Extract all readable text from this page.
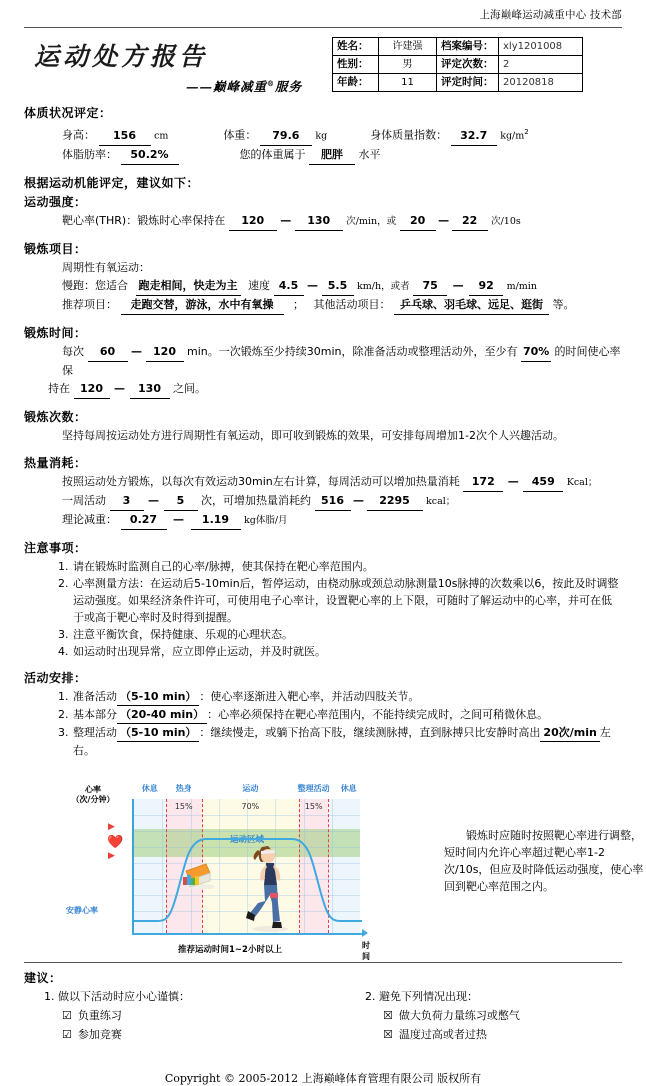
上海巅峰运动减重中心 技术部
运动处方报告
——巅峰减重®服务
姓名：	许建强	档案编号：	xly1201008
性别：	男	评定次数：	2
年龄：	11	评定时间：	20120818
体质状况评定：
身高： 156 cm	体重： 79.6 kg	身体质量指数： 32.7 $kg/m^2$
体脂肪率： 50.2%	您的体重属于 肥胖 水平
根据运动机能评定，建议如下：
运动强度：
靶心率(THR)：锻炼时心率保持在 120 — 130 次/min，或 20 — 22 次/10s
锻炼项目：
周期性有氧运动：
慢跑：您适合 跑走相间，快走为主 速度 4.5 — 5.5 km/h，或者 75 — 92 m/min
推荐项目： 走跑交替，游泳，水中有氧操 ； 其他活动项目： 乒乓球、羽毛球、远足、逛街 等。
锻炼时间：
每次 60 — 120 min。一次锻炼至少持续30min，除准备活动或整理活动外，至少有 70% 的时间使心率保
持在 120 — 130 之间。
锻炼次数：
坚持每周按运动处方进行周期性有氧运动，即可收到锻炼的效果，可安排每周增加1-2次个人兴趣活动。
热量消耗：
按照运动处方锻炼，以每次有效运动30min左右计算，每周活动可以增加热量消耗 172 — 459 Kcal；
一周活动 3 — 5 次，可增加热量消耗约 516 — 2295 kcal；
理论减重： 0.27 — 1.19 kg体脂/月
注意事项：
1. 请在锻炼时监测自己的心率/脉搏，使其保持在靶心率范围内。
2. 心率测量方法：在运动后5-10min后，暂停运动，由桡动脉或颈总动脉测量10s脉搏的次数乘以6，按此及时调整运动强度。如果经济条件许可，可使用电子心率计，设置靶心率的上下限，可随时了解运动中的心率，并可在低于或高于靶心率时及时得到提醒。
3. 注意平衡饮食，保持健康、乐观的心理状态。
4. 如运动时出现异常，应立即停止运动，并及时就医。
活动安排：
1. 准备活动 （5-10 min） ：使心率逐渐进入靶心率，并活动四肢关节。
2. 基本部分 （20-40 min） ：心率必须保持在靶心率范围内，不能持续完成时，之间可稍微休息。
3. 整理活动 （5-10 min） ：继续慢走，或躺下抬高下肢，继续测脉搏，直到脉搏只比安静时高出 20次/min 左右。
心率
（次/分钟）
❤️
▶
▶
休息	热身	运动	整理活动	休息
15%	70%	15%
运动区域
安静心率
推荐运动时间1~2小时以上	时间
锻炼时应随时按照靶心率进行调整，短时间内允许心率超过靶心率1-2次/10s，但应及时降低运动强度，使心率回到靶心率范围之内。
建议：
1. 做以下活动时应小心谨慎：
☑ 负重练习
☑ 参加竞赛
2. 避免下列情况出现：
☒ 做大负荷力量练习或憋气
☒ 温度过高或者过热
Copyright © 2005-2012 上海巅峰体育管理有限公司 版权所有
